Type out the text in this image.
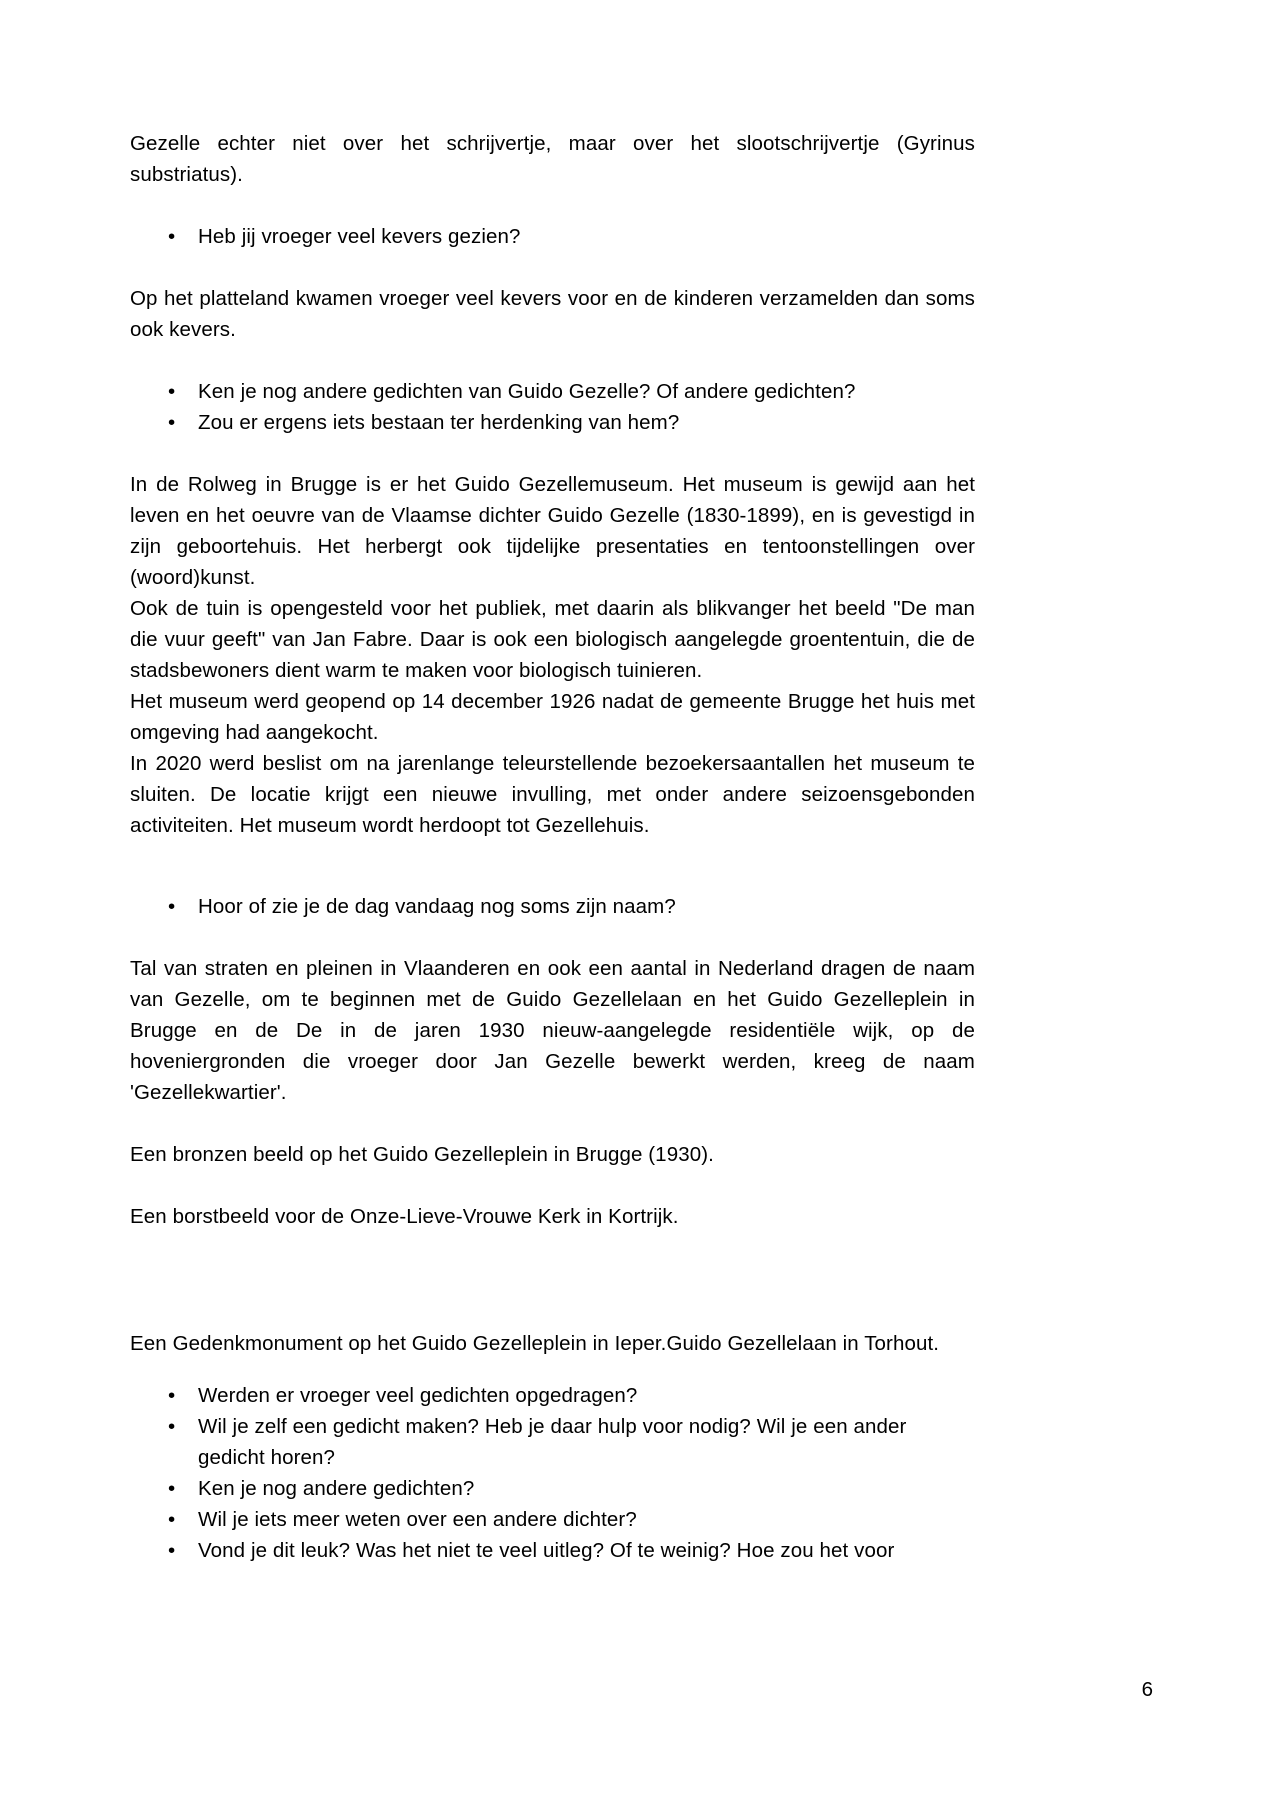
Gezelle echter niet over het schrijvertje, maar over het slootschrijvertje (Gyrinus substriatus).

• Heb jij vroeger veel kevers gezien?

Op het platteland kwamen vroeger veel kevers voor en de kinderen verzamelden dan soms ook kevers.

• Ken je nog andere gedichten van Guido Gezelle? Of andere gedichten?
• Zou er ergens iets bestaan ter herdenking van hem?

In de Rolweg in Brugge is er het Guido Gezellemuseum. Het museum is gewijd aan het leven en het oeuvre van de Vlaamse dichter Guido Gezelle (1830-1899), en is gevestigd in zijn geboortehuis. Het herbergt ook tijdelijke presentaties en tentoonstellingen over (woord)kunst.

Ook de tuin is opengesteld voor het publiek, met daarin als blikvanger het beeld "De man die vuur geeft" van Jan Fabre. Daar is ook een biologisch aangelegde groententuin, die de stadsbewoners dient warm te maken voor biologisch tuinieren.

Het museum werd geopend op 14 december 1926 nadat de gemeente Brugge het huis met omgeving had aangekocht.

In 2020 werd beslist om na jarenlange teleurstellende bezoekersaantallen het museum te sluiten. De locatie krijgt een nieuwe invulling, met onder andere seizoensgebonden activiteiten. Het museum wordt herdoopt tot Gezellehuis.

• Hoor of zie je de dag vandaag nog soms zijn naam?

Tal van straten en pleinen in Vlaanderen en ook een aantal in Nederland dragen de naam van Gezelle, om te beginnen met de Guido Gezellelaan en het Guido Gezelleplein in Brugge en de De in de jaren 1930 nieuw-aangelegde residentiële wijk, op de hoveniergronden die vroeger door Jan Gezelle bewerkt werden, kreeg de naam 'Gezellekwartier'.

Een bronzen beeld op het Guido Gezelleplein in Brugge (1930).

Een borstbeeld voor de Onze-Lieve-Vrouwe Kerk in Kortrijk.

Een Gedenkmonument op het Guido Gezelleplein in Ieper.Guido Gezellelaan in Torhout.

• Werden er vroeger veel gedichten opgedragen?
• Wil je zelf een gedicht maken? Heb je daar hulp voor nodig? Wil je een ander gedicht horen?
• Ken je nog andere gedichten?
• Wil je iets meer weten over een andere dichter?
• Vond je dit leuk? Was het niet te veel uitleg? Of te weinig? Hoe zou het voor
6
